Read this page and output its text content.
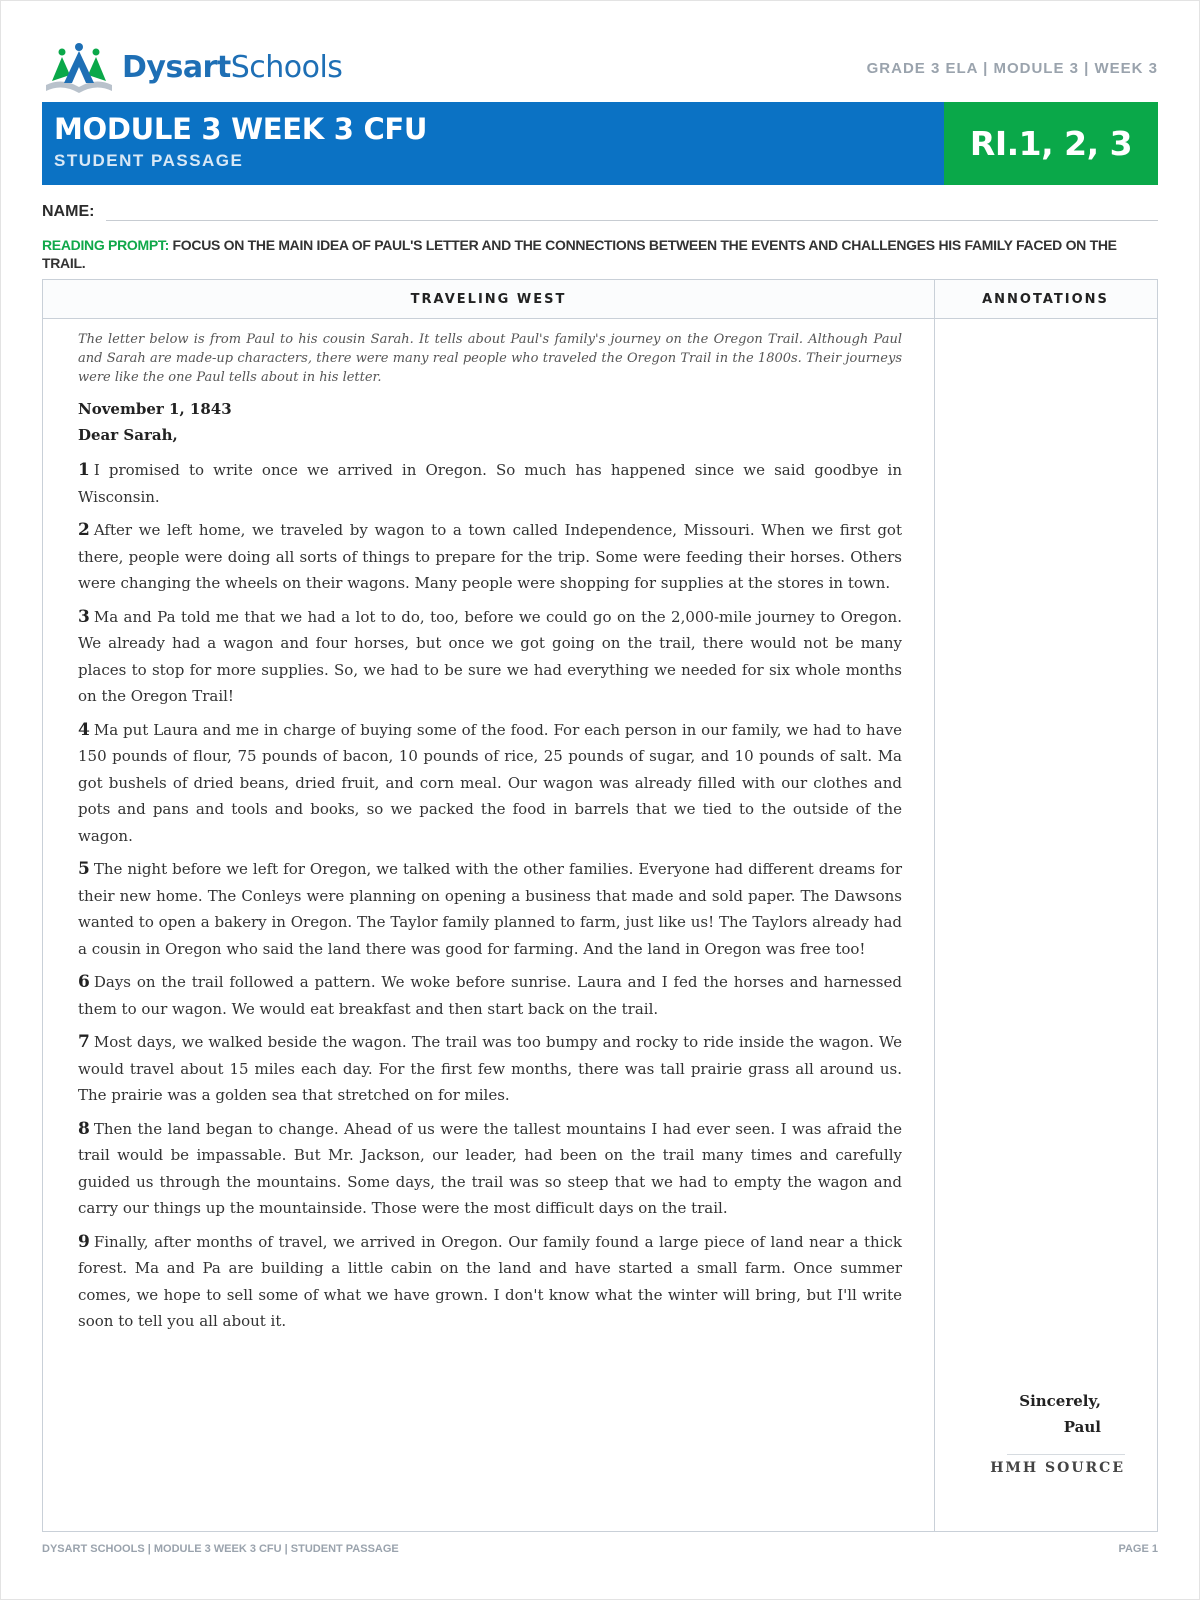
DysartSchools	GRADE 3 ELA | MODULE 3 | WEEK 3
MODULE 3 WEEK 3 CFU
STUDENT PASSAGE	RI.1, 2, 3
NAME:
READING PROMPT: FOCUS ON THE MAIN IDEA OF PAUL'S LETTER AND THE CONNECTIONS BETWEEN THE EVENTS AND CHALLENGES HIS FAMILY FACED ON THE TRAIL.
TRAVELING WEST	ANNOTATIONS
The letter below is from Paul to his cousin Sarah. It tells about Paul's family's journey on the Oregon Trail. Although Paul and Sarah are made-up characters, there were many real people who traveled the Oregon Trail in the 1800s. Their journeys were like the one Paul tells about in his letter.
November 1, 1843
Dear Sarah,
1 I promised to write once we arrived in Oregon. So much has happened since we said goodbye in Wisconsin.
2 After we left home, we traveled by wagon to a town called Independence, Missouri. When we first got there, people were doing all sorts of things to prepare for the trip. Some were feeding their horses. Others were changing the wheels on their wagons. Many people were shopping for supplies at the stores in town.
3 Ma and Pa told me that we had a lot to do, too, before we could go on the 2,000-mile journey to Oregon. We already had a wagon and four horses, but once we got going on the trail, there would not be many places to stop for more supplies. So, we had to be sure we had everything we needed for six whole months on the Oregon Trail!
4 Ma put Laura and me in charge of buying some of the food. For each person in our family, we had to have 150 pounds of flour, 75 pounds of bacon, 10 pounds of rice, 25 pounds of sugar, and 10 pounds of salt. Ma got bushels of dried beans, dried fruit, and corn meal. Our wagon was already filled with our clothes and pots and pans and tools and books, so we packed the food in barrels that we tied to the outside of the wagon.
5 The night before we left for Oregon, we talked with the other families. Everyone had different dreams for their new home. The Conleys were planning on opening a business that made and sold paper. The Dawsons wanted to open a bakery in Oregon. The Taylor family planned to farm, just like us! The Taylors already had a cousin in Oregon who said the land there was good for farming. And the land in Oregon was free too!
6 Days on the trail followed a pattern. We woke before sunrise. Laura and I fed the horses and harnessed them to our wagon. We would eat breakfast and then start back on the trail.
7 Most days, we walked beside the wagon. The trail was too bumpy and rocky to ride inside the wagon. We would travel about 15 miles each day. For the first few months, there was tall prairie grass all around us. The prairie was a golden sea that stretched on for miles.
8 Then the land began to change. Ahead of us were the tallest mountains I had ever seen. I was afraid the trail would be impassable. But Mr. Jackson, our leader, had been on the trail many times and carefully guided us through the mountains. Some days, the trail was so steep that we had to empty the wagon and carry our things up the mountainside. Those were the most difficult days on the trail.
9 Finally, after months of travel, we arrived in Oregon. Our family found a large piece of land near a thick forest. Ma and Pa are building a little cabin on the land and have started a small farm. Once summer comes, we hope to sell some of what we have grown. I don't know what the winter will bring, but I'll write soon to tell you all about it.
Sincerely,
Paul
HMH SOURCE
DYSART SCHOOLS | MODULE 3 WEEK 3 CFU | STUDENT PASSAGE	PAGE 1
